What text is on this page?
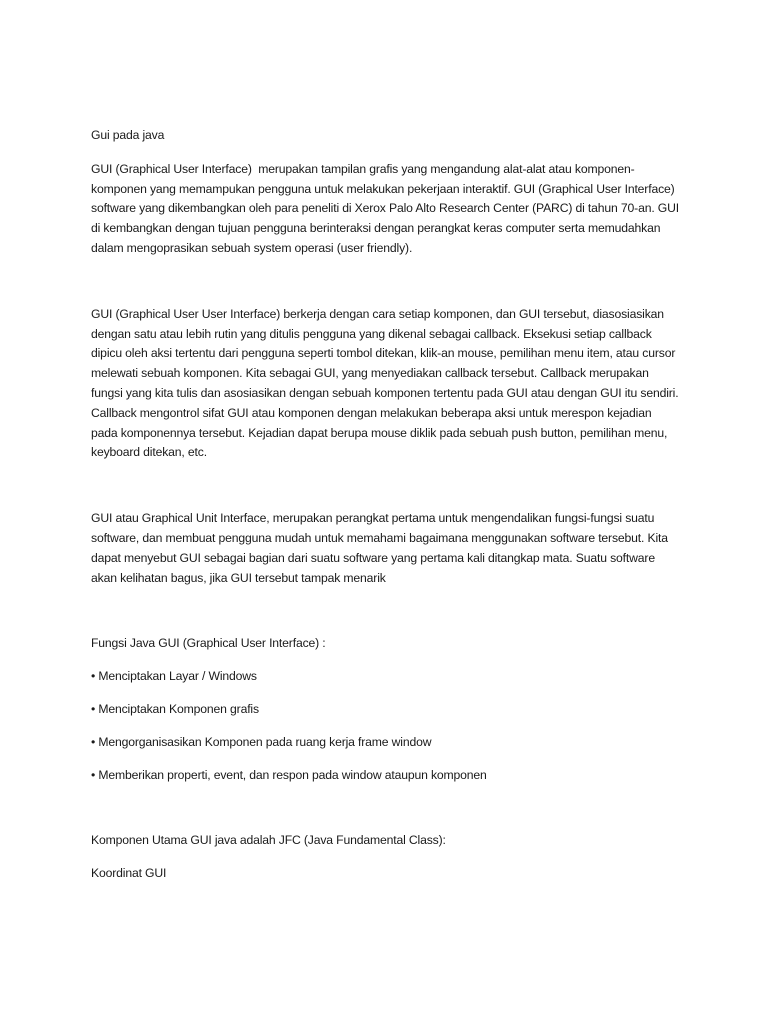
Gui pada java

GUI (Graphical User Interface)  merupakan tampilan grafis yang mengandung alat-alat atau komponen-komponen yang memampukan pengguna untuk melakukan pekerjaan interaktif. GUI (Graphical User Interface) software yang dikembangkan oleh para peneliti di Xerox Palo Alto Research Center (PARC) di tahun 70-an. GUI di kembangkan dengan tujuan pengguna berinteraksi dengan perangkat keras computer serta memudahkan dalam mengoprasikan sebuah system operasi (user friendly).

GUI (Graphical User User Interface) berkerja dengan cara setiap komponen, dan GUI tersebut, diasosiasikan dengan satu atau lebih rutin yang ditulis pengguna yang dikenal sebagai callback. Eksekusi setiap callback dipicu oleh aksi tertentu dari pengguna seperti tombol ditekan, klik-an mouse, pemilihan menu item, atau cursor melewati sebuah komponen. Kita sebagai GUI, yang menyediakan callback tersebut. Callback merupakan fungsi yang kita tulis dan asosiasikan dengan sebuah komponen tertentu pada GUI atau dengan GUI itu sendiri. Callback mengontrol sifat GUI atau komponen dengan melakukan beberapa aksi untuk merespon kejadian pada komponennya tersebut. Kejadian dapat berupa mouse diklik pada sebuah push button, pemilihan menu, keyboard ditekan, etc.

GUI atau Graphical Unit Interface, merupakan perangkat pertama untuk mengendalikan fungsi-fungsi suatu software, dan membuat pengguna mudah untuk memahami bagaimana menggunakan software tersebut. Kita dapat menyebut GUI sebagai bagian dari suatu software yang pertama kali ditangkap mata. Suatu software akan kelihatan bagus, jika GUI tersebut tampak menarik

Fungsi Java GUI (Graphical User Interface) :

• Menciptakan Layar / Windows

• Menciptakan Komponen grafis

• Mengorganisasikan Komponen pada ruang kerja frame window

• Memberikan properti, event, dan respon pada window ataupun komponen

Komponen Utama GUI java adalah JFC (Java Fundamental Class):

Koordinat GUI
